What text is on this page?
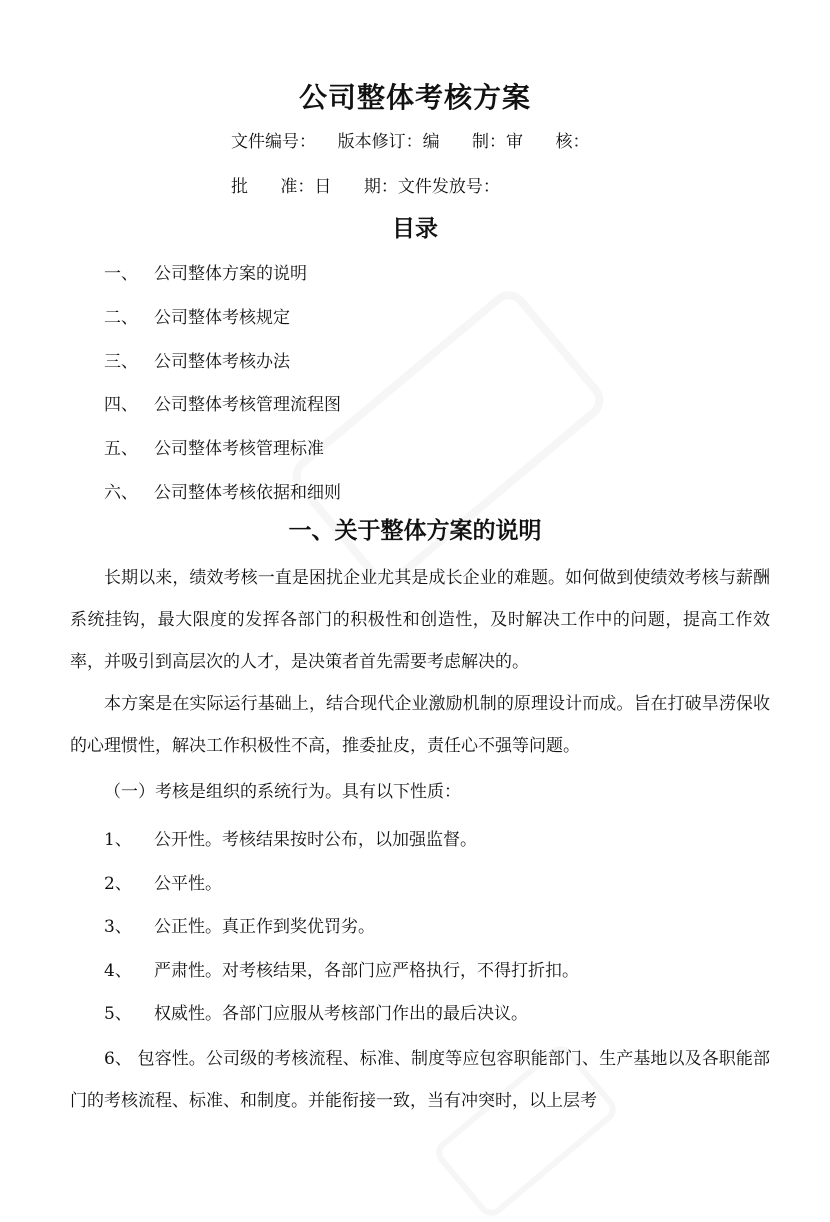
公司整体考核方案
文件编号：    版本修订：编      制：审      核：
批      准：日      期：文件发放号：
目录
一、 公司整体方案的说明
二、 公司整体考核规定
三、 公司整体考核办法
四、 公司整体考核管理流程图
五、 公司整体考核管理标准
六、 公司整体考核依据和细则
一、关于整体方案的说明
长期以来，绩效考核一直是困扰企业尤其是成长企业的难题。如何做到使绩效考核与薪酬系统挂钩，最大限度的发挥各部门的积极性和创造性，及时解决工作中的问题，提高工作效率，并吸引到高层次的人才，是决策者首先需要考虑解决的。
本方案是在实际运行基础上，结合现代企业激励机制的原理设计而成。旨在打破旱涝保收的心理惯性，解决工作积极性不高，推委扯皮，责任心不强等问题。
（一）考核是组织的系统行为。具有以下性质：
1、 公开性。考核结果按时公布，以加强监督。
2、 公平性。
3、 公正性。真正作到奖优罚劣。
4、 严肃性。对考核结果，各部门应严格执行，不得打折扣。
5、 权威性。各部门应服从考核部门作出的最后决议。
6、 包容性。公司级的考核流程、标准、制度等应包容职能部门、生产基地以及各职能部门的考核流程、标准、和制度。并能衔接一致，当有冲突时，以上层考
